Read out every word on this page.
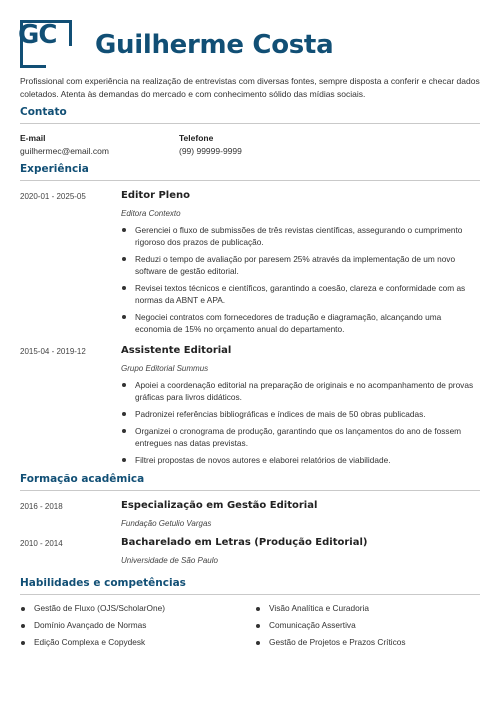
GC Guilherme Costa
Profissional com experiência na realização de entrevistas com diversas fontes, sempre disposta a conferir e checar dados coletados. Atenta às demandas do mercado e com conhecimento sólido das mídias sociais.
Contato
E-mail
guilhermec@email.com
Telefone
(99) 99999-9999
Experiência
2020-01 - 2025-05	Editor Pleno
Editora Contexto
Gerenciei o fluxo de submissões de três revistas científicas, assegurando o cumprimento rigoroso dos prazos de publicação.
Reduzi o tempo de avaliação por paresem 25% através da implementação de um novo software de gestão editorial.
Revisei textos técnicos e científicos, garantindo a coesão, clareza e conformidade com as normas da ABNT e APA.
Negociei contratos com fornecedores de tradução e diagramação, alcançando uma economia de 15% no orçamento anual do departamento.
2015-04 - 2019-12	Assistente Editorial
Grupo Editorial Summus
Apoiei a coordenação editorial na preparação de originais e no acompanhamento de provas gráficas para livros didáticos.
Padronizei referências bibliográficas e índices de mais de 50 obras publicadas.
Organizei o cronograma de produção, garantindo que os lançamentos do ano de fossem entregues nas datas previstas.
Filtrei propostas de novos autores e elaborei relatórios de viabilidade.
Formação acadêmica
2016 - 2018	Especialização em Gestão Editorial
Fundação Getulio Vargas
2010 - 2014	Bacharelado em Letras (Produção Editorial)
Universidade de São Paulo
Habilidades e competências
Gestão de Fluxo (OJS/ScholarOne)
Domínio Avançado de Normas
Edição Complexa e Copydesk
Visão Analítica e Curadoria
Comunicação Assertiva
Gestão de Projetos e Prazos Críticos
